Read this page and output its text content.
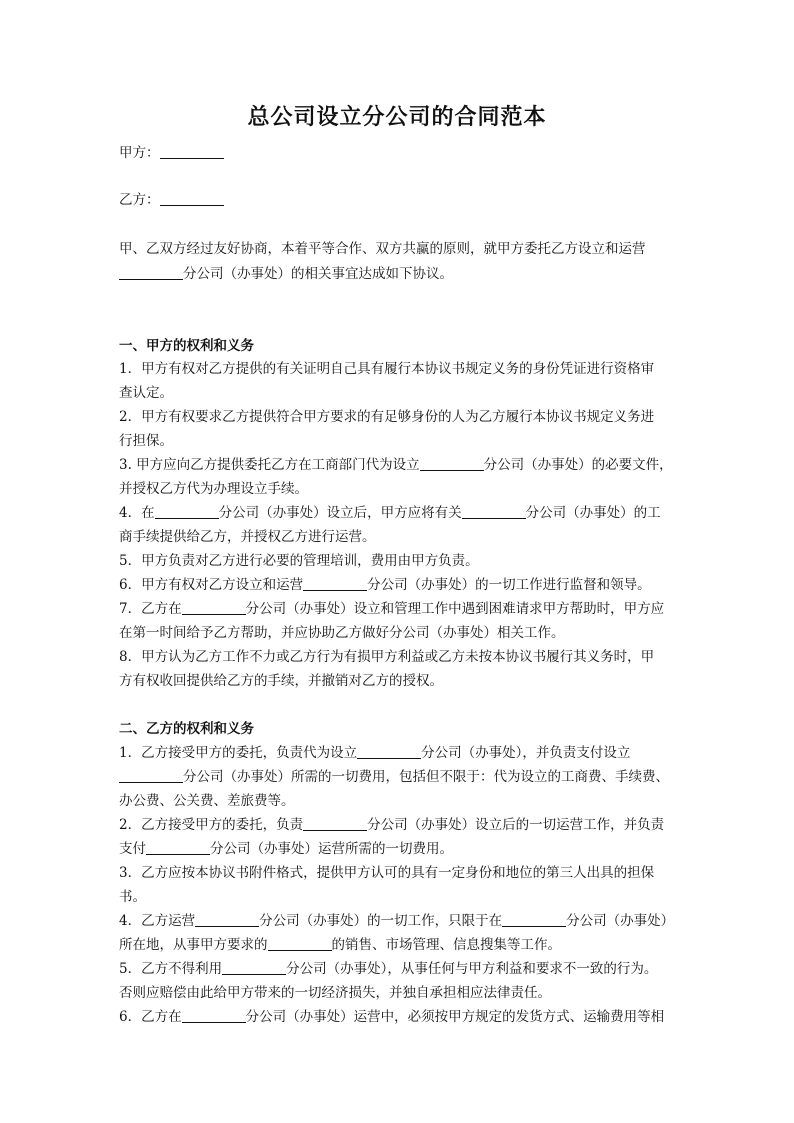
总公司设立分公司的合同范本
甲方：
乙方：
甲、乙双方经过友好协商，本着平等合作、双方共赢的原则，就甲方委托乙方设立和运营
分公司（办事处）的相关事宜达成如下协议。
一、甲方的权利和义务
1．甲方有权对乙方提供的有关证明自己具有履行本协议书规定义务的身份凭证进行资格审
查认定。
2．甲方有权要求乙方提供符合甲方要求的有足够身份的人为乙方履行本协议书规定义务进
行担保。
3. 甲方应向乙方提供委托乙方在工商部门代为设立	分公司（办事处）的必要文件，
并授权乙方代为办理设立手续。
4．在	分公司（办事处）设立后，甲方应将有关	分公司（办事处）的工
商手续提供给乙方，并授权乙方进行运营。
5．甲方负责对乙方进行必要的管理培训，费用由甲方负责。
6．甲方有权对乙方设立和运营	分公司（办事处）的一切工作进行监督和领导。
7．乙方在	分公司（办事处）设立和管理工作中遇到困难请求甲方帮助时，甲方应
在第一时间给予乙方帮助，并应协助乙方做好分公司（办事处）相关工作。
8．甲方认为乙方工作不力或乙方行为有损甲方利益或乙方未按本协议书履行其义务时，甲
方有权收回提供给乙方的手续，并撤销对乙方的授权。
二、乙方的权利和义务
1．乙方接受甲方的委托，负责代为设立	分公司（办事处），并负责支付设立
分公司（办事处）所需的一切费用，包括但不限于：代为设立的工商费、手续费、
办公费、公关费、差旅费等。
2．乙方接受甲方的委托，负责	分公司（办事处）设立后的一切运营工作，并负责
支付	分公司（办事处）运营所需的一切费用。
3．乙方应按本协议书附件格式，提供甲方认可的具有一定身份和地位的第三人出具的担保
书。
4．乙方运营	分公司（办事处）的一切工作，只限于在	分公司（办事处）
所在地，从事甲方要求的	的销售、市场管理、信息搜集等工作。
5．乙方不得利用	分公司（办事处），从事任何与甲方利益和要求不一致的行为。
否则应赔偿由此给甲方带来的一切经济损失，并独自承担相应法律责任。
6．乙方在	分公司（办事处）运营中，必须按甲方规定的发货方式、运输费用等相
